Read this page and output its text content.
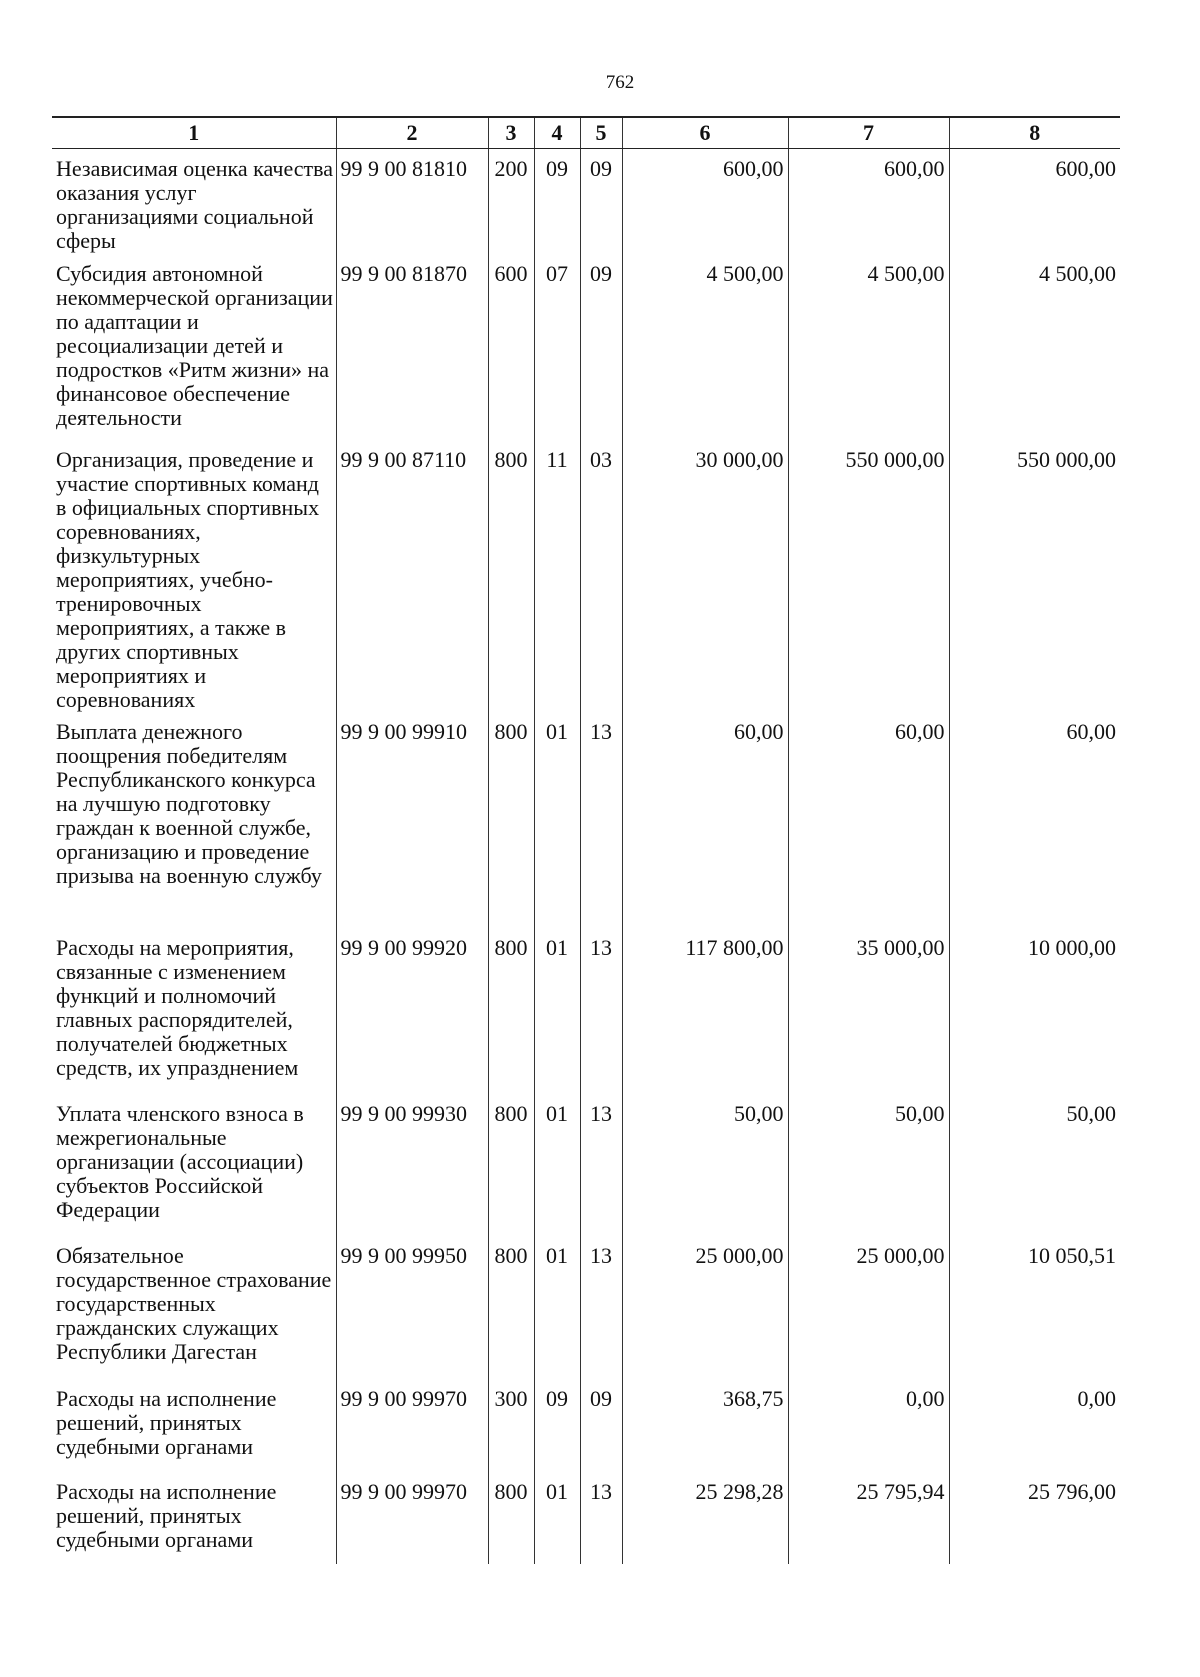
762
1	2	3	4	5	6	7	8
Независимая оценка качества оказания услуг организациями социальной сферы	99 9 00 81810	200	09	09	600,00	600,00	600,00
Субсидия автономной некоммерческой организации по адаптации и ресоциализации детей и подростков «Ритм жизни» на финансовое обеспечение деятельности	99 9 00 81870	600	07	09	4 500,00	4 500,00	4 500,00
Организация, проведение и участие спортивных команд в официальных спортивных соревнованиях, физкультурных мероприятиях, учебно-тренировочных мероприятиях, а также в других спортивных мероприятиях и соревнованиях	99 9 00 87110	800	11	03	30 000,00	550 000,00	550 000,00
Выплата денежного поощрения победителям Республиканского конкурса на лучшую подготовку граждан к военной службе, организацию и проведение призыва на военную службу	99 9 00 99910	800	01	13	60,00	60,00	60,00
Расходы на мероприятия, связанные с изменением функций и полномочий главных распорядителей, получателей бюджетных средств, их упразднением	99 9 00 99920	800	01	13	117 800,00	35 000,00	10 000,00
Уплата членского взноса в межрегиональные организации (ассоциации) субъектов Российской Федерации	99 9 00 99930	800	01	13	50,00	50,00	50,00
Обязательное государственное страхование государственных гражданских служащих Республики Дагестан	99 9 00 99950	800	01	13	25 000,00	25 000,00	10 050,51
Расходы на исполнение решений, принятых судебными органами	99 9 00 99970	300	09	09	368,75	0,00	0,00
Расходы на исполнение решений, принятых судебными органами	99 9 00 99970	800	01	13	25 298,28	25 795,94	25 796,00
